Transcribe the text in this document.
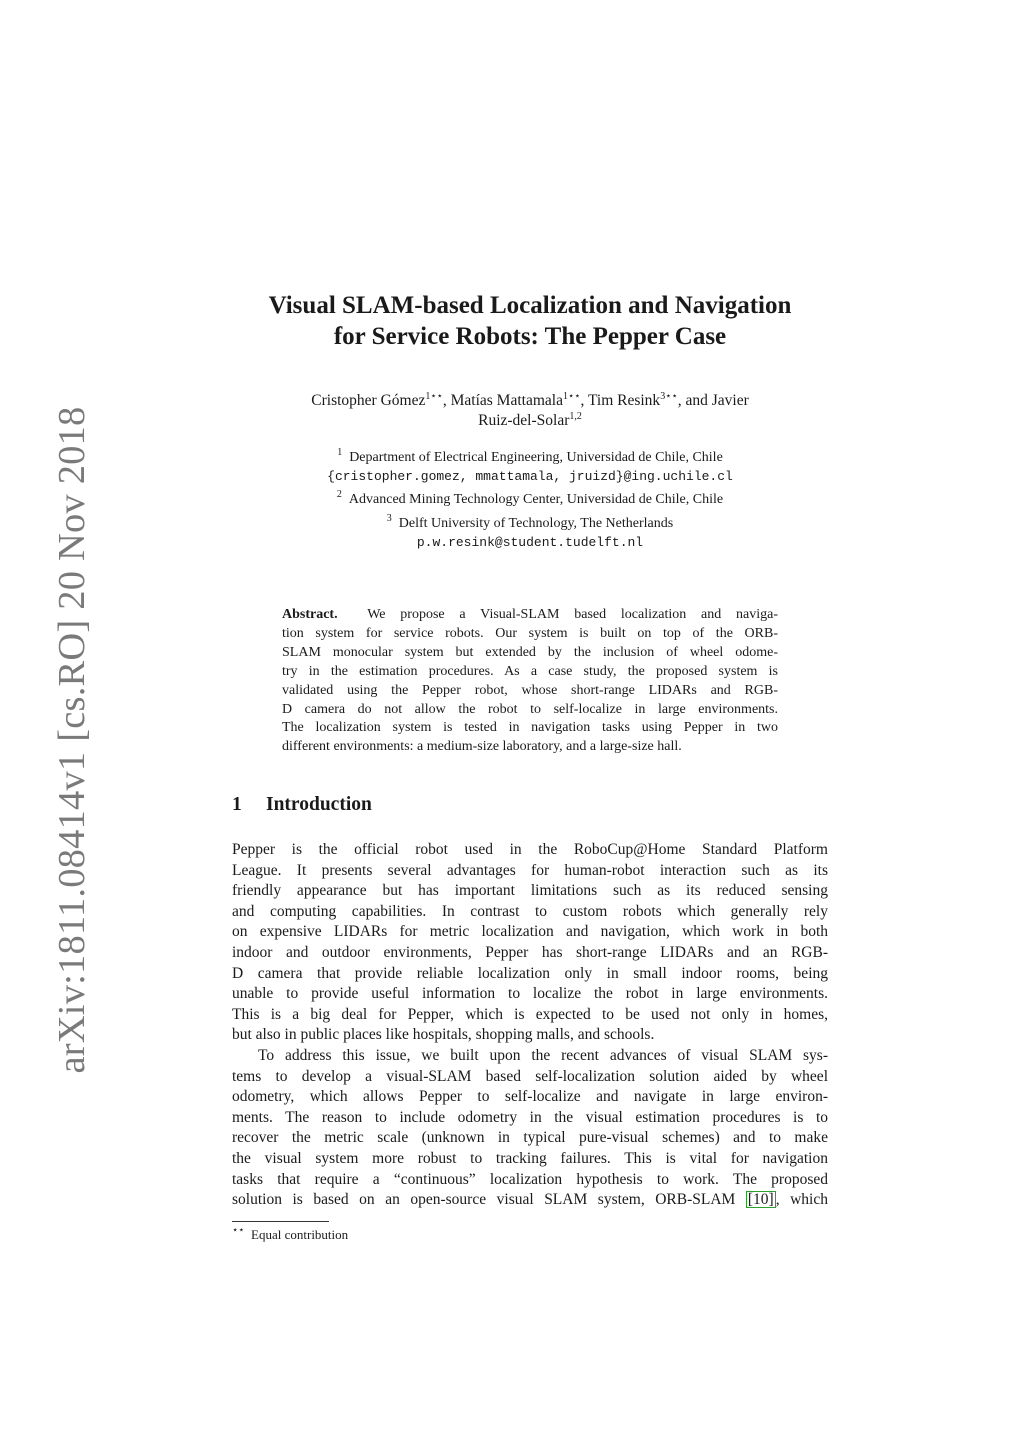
arXiv:1811.08414v1 [cs.RO] 20 Nov 2018
Visual SLAM-based Localization and Navigation
for Service Robots: The Pepper Case
Cristopher Gómez$^{1⋆⋆}$, Matías Mattamala$^{1⋆⋆}$, Tim Resink$^{3⋆⋆}$, and Javier
Ruiz-del-Solar$^{1,2}$
$^1$ Department of Electrical Engineering, Universidad de Chile, Chile
{cristopher.gomez, mmattamala, jruizd}@ing.uchile.cl
$^2$ Advanced Mining Technology Center, Universidad de Chile, Chile
$^3$ Delft University of Technology, The Netherlands
p.w.resink@student.tudelft.nl
Abstract. We propose a Visual-SLAM based localization and naviga-
tion system for service robots. Our system is built on top of the ORB-
SLAM monocular system but extended by the inclusion of wheel odome-
try in the estimation procedures. As a case study, the proposed system is
validated using the Pepper robot, whose short-range LIDARs and RGB-
D camera do not allow the robot to self-localize in large environments.
The localization system is tested in navigation tasks using Pepper in two
different environments: a medium-size laboratory, and a large-size hall.
1 Introduction
Pepper is the official robot used in the RoboCup@Home Standard Platform
League. It presents several advantages for human-robot interaction such as its
friendly appearance but has important limitations such as its reduced sensing
and computing capabilities. In contrast to custom robots which generally rely
on expensive LIDARs for metric localization and navigation, which work in both
indoor and outdoor environments, Pepper has short-range LIDARs and an RGB-
D camera that provide reliable localization only in small indoor rooms, being
unable to provide useful information to localize the robot in large environments.
This is a big deal for Pepper, which is expected to be used not only in homes,
but also in public places like hospitals, shopping malls, and schools.
To address this issue, we built upon the recent advances of visual SLAM sys-
tems to develop a visual-SLAM based self-localization solution aided by wheel
odometry, which allows Pepper to self-localize and navigate in large environ-
ments. The reason to include odometry in the visual estimation procedures is to
recover the metric scale (unknown in typical pure-visual schemes) and to make
the visual system more robust to tracking failures. This is vital for navigation
tasks that require a “continuous” localization hypothesis to work. The proposed
solution is based on an open-source visual SLAM system, ORB-SLAM [10] , which
⋆⋆ Equal contribution
